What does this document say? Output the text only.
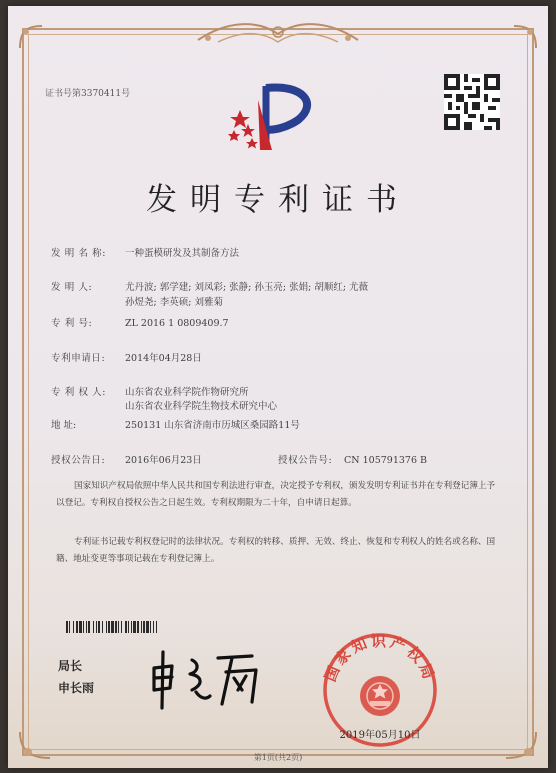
证书号第3370411号
发明专利证书
发 明 名 称: 一种蛋模研发及其制备方法
发 明 人:	尤丹波; 郭学建; 刘凤彩; 张静; 孙玉亮; 张娟; 胡顺红; 尤薇
孙煜尧; 李英硕; 刘雅菊
专 利 号:	ZL 2016 1 0809409.7
专利申请日: 2014年04月28日
专 利 权 人: 山东省农业科学院作物研究所
山东省农业科学院生物技术研究中心
地 址:	250131 山东省济南市历城区桑园路11号
授权公告日: 2016年06月23日	授权公告号: CN 105791376 B
国家知识产权局依照中华人民共和国专利法进行审查，决定授予专利权，颁发发明专利证书并在专利登记簿上予以登记。专利权自授权公告之日起生效。专利权期限为二十年，自申请日起算。
专利证书记载专利权登记时的法律状况。专利权的转移、质押、无效、终止、恢复和专利权人的姓名或名称、国籍、地址变更等事项记载在专利登记簿上。
局长
申长雨
国家知识产权局
2019年05月10日
第1页(共2页)
